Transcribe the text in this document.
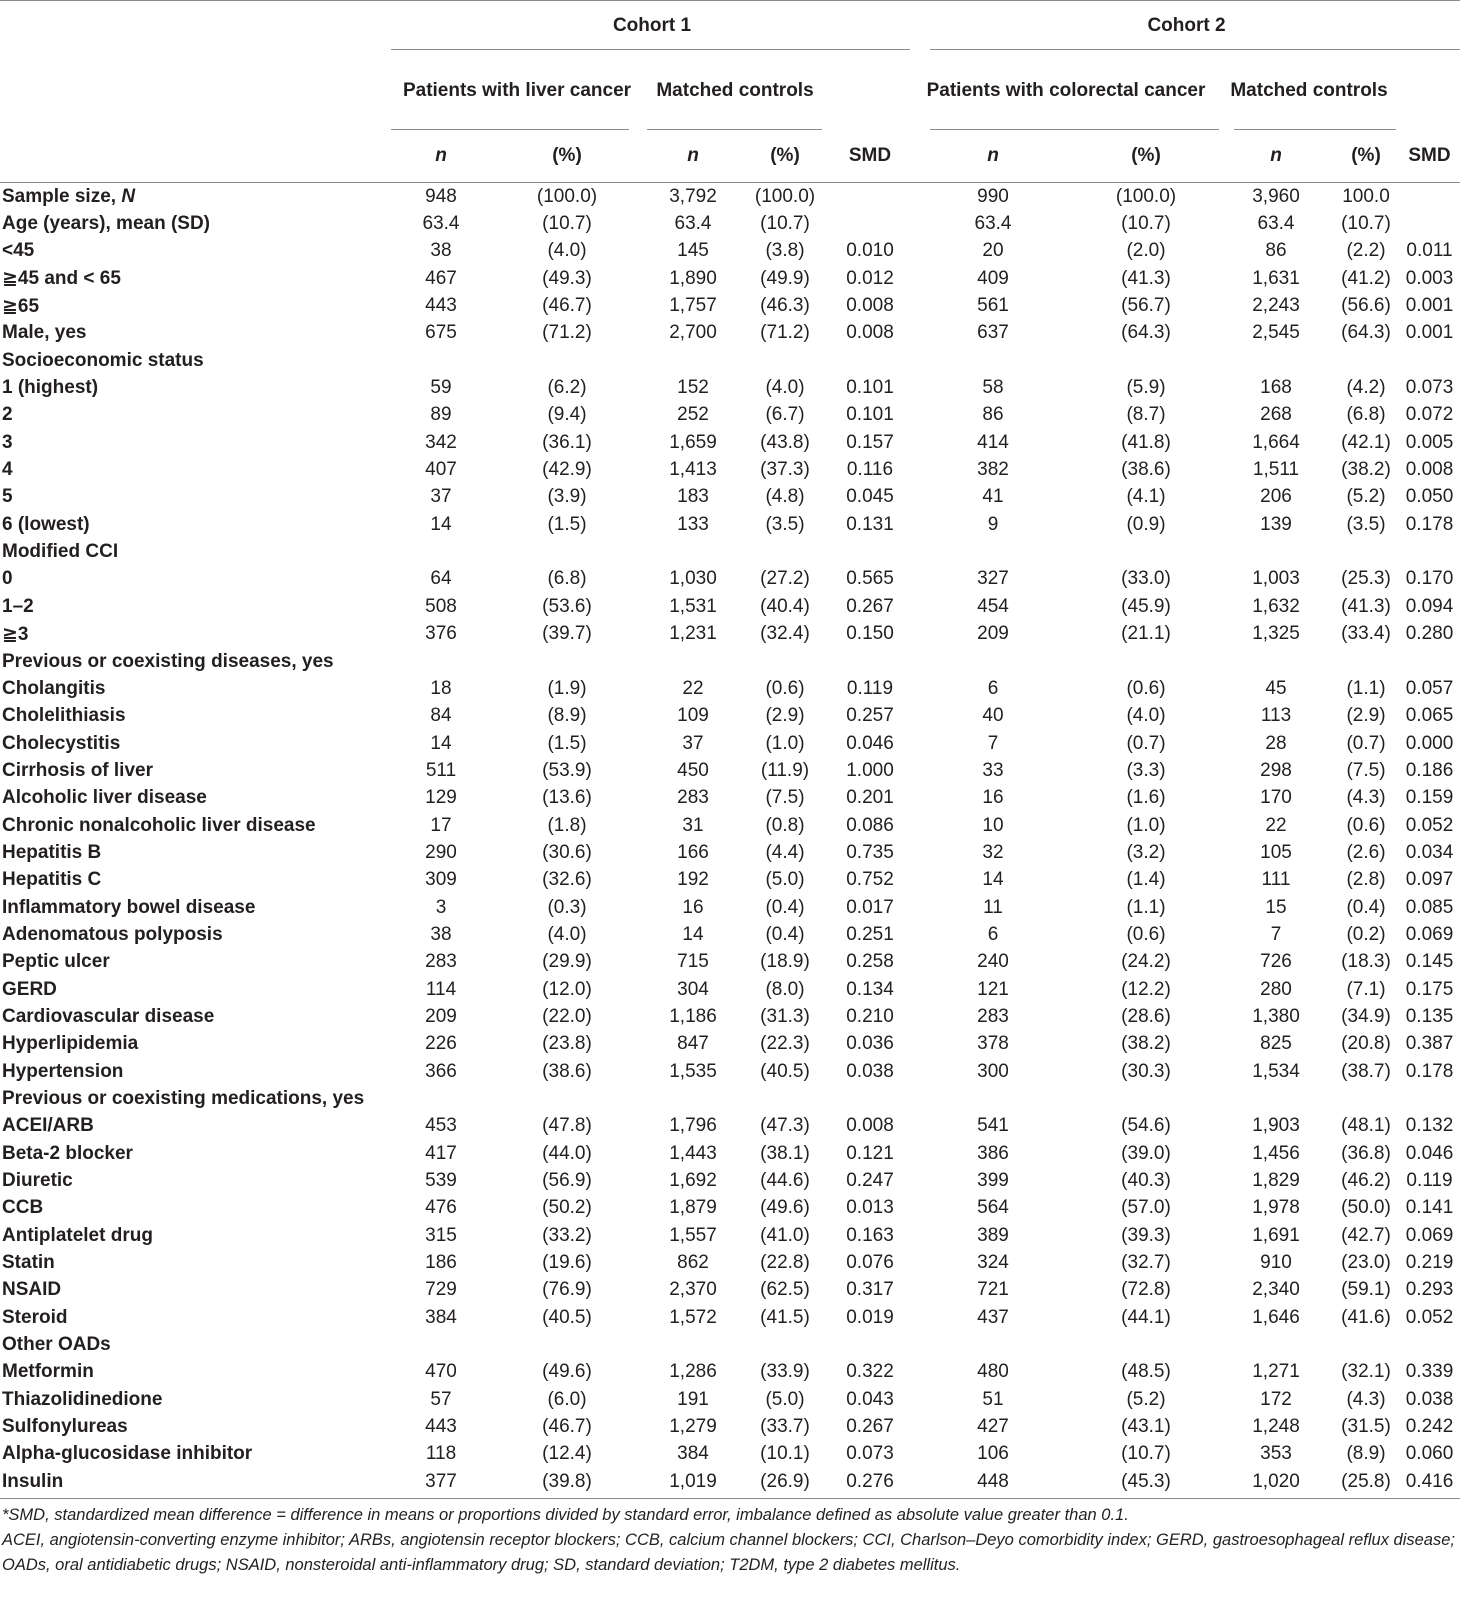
	Cohort 1					Cohort 2				

	Patients with liver cancer		Matched controls			Patients with colorectal cancer		Matched controls	

	n	(%)	n	(%)	SMD	n	(%)	n	(%)	SMD
Sample size, N	948	(100.0)	3,792	(100.0)		990	(100.0)	3,960	100.0	
Age (years), mean (SD)	63.4	(10.7)	63.4	(10.7)		63.4	(10.7)	63.4	(10.7)	
<45	38	(4.0)	145	(3.8)	0.010	20	(2.0)	86	(2.2)	0.011
≧45 and < 65	467	(49.3)	1,890	(49.9)	0.012	409	(41.3)	1,631	(41.2)	0.003
≧65	443	(46.7)	1,757	(46.3)	0.008	561	(56.7)	2,243	(56.6)	0.001
Male, yes	675	(71.2)	2,700	(71.2)	0.008	637	(64.3)	2,545	(64.3)	0.001
Socioeconomic status										
1 (highest)	59	(6.2)	152	(4.0)	0.101	58	(5.9)	168	(4.2)	0.073
2	89	(9.4)	252	(6.7)	0.101	86	(8.7)	268	(6.8)	0.072
3	342	(36.1)	1,659	(43.8)	0.157	414	(41.8)	1,664	(42.1)	0.005
4	407	(42.9)	1,413	(37.3)	0.116	382	(38.6)	1,511	(38.2)	0.008
5	37	(3.9)	183	(4.8)	0.045	41	(4.1)	206	(5.2)	0.050
6 (lowest)	14	(1.5)	133	(3.5)	0.131	9	(0.9)	139	(3.5)	0.178
Modified CCI										
0	64	(6.8)	1,030	(27.2)	0.565	327	(33.0)	1,003	(25.3)	0.170
1–2	508	(53.6)	1,531	(40.4)	0.267	454	(45.9)	1,632	(41.3)	0.094
≧3	376	(39.7)	1,231	(32.4)	0.150	209	(21.1)	1,325	(33.4)	0.280
Previous or coexisting diseases, yes										
Cholangitis	18	(1.9)	22	(0.6)	0.119	6	(0.6)	45	(1.1)	0.057
Cholelithiasis	84	(8.9)	109	(2.9)	0.257	40	(4.0)	113	(2.9)	0.065
Cholecystitis	14	(1.5)	37	(1.0)	0.046	7	(0.7)	28	(0.7)	0.000
Cirrhosis of liver	511	(53.9)	450	(11.9)	1.000	33	(3.3)	298	(7.5)	0.186
Alcoholic liver disease	129	(13.6)	283	(7.5)	0.201	16	(1.6)	170	(4.3)	0.159
Chronic nonalcoholic liver disease	17	(1.8)	31	(0.8)	0.086	10	(1.0)	22	(0.6)	0.052
Hepatitis B	290	(30.6)	166	(4.4)	0.735	32	(3.2)	105	(2.6)	0.034
Hepatitis C	309	(32.6)	192	(5.0)	0.752	14	(1.4)	111	(2.8)	0.097
Inflammatory bowel disease	3	(0.3)	16	(0.4)	0.017	11	(1.1)	15	(0.4)	0.085
Adenomatous polyposis	38	(4.0)	14	(0.4)	0.251	6	(0.6)	7	(0.2)	0.069
Peptic ulcer	283	(29.9)	715	(18.9)	0.258	240	(24.2)	726	(18.3)	0.145
GERD	114	(12.0)	304	(8.0)	0.134	121	(12.2)	280	(7.1)	0.175
Cardiovascular disease	209	(22.0)	1,186	(31.3)	0.210	283	(28.6)	1,380	(34.9)	0.135
Hyperlipidemia	226	(23.8)	847	(22.3)	0.036	378	(38.2)	825	(20.8)	0.387
Hypertension	366	(38.6)	1,535	(40.5)	0.038	300	(30.3)	1,534	(38.7)	0.178
Previous or coexisting medications, yes										
ACEI/ARB	453	(47.8)	1,796	(47.3)	0.008	541	(54.6)	1,903	(48.1)	0.132
Beta-2 blocker	417	(44.0)	1,443	(38.1)	0.121	386	(39.0)	1,456	(36.8)	0.046
Diuretic	539	(56.9)	1,692	(44.6)	0.247	399	(40.3)	1,829	(46.2)	0.119
CCB	476	(50.2)	1,879	(49.6)	0.013	564	(57.0)	1,978	(50.0)	0.141
Antiplatelet drug	315	(33.2)	1,557	(41.0)	0.163	389	(39.3)	1,691	(42.7)	0.069
Statin	186	(19.6)	862	(22.8)	0.076	324	(32.7)	910	(23.0)	0.219
NSAID	729	(76.9)	2,370	(62.5)	0.317	721	(72.8)	2,340	(59.1)	0.293
Steroid	384	(40.5)	1,572	(41.5)	0.019	437	(44.1)	1,646	(41.6)	0.052
Other OADs										
Metformin	470	(49.6)	1,286	(33.9)	0.322	480	(48.5)	1,271	(32.1)	0.339
Thiazolidinedione	57	(6.0)	191	(5.0)	0.043	51	(5.2)	172	(4.3)	0.038
Sulfonylureas	443	(46.7)	1,279	(33.7)	0.267	427	(43.1)	1,248	(31.5)	0.242
Alpha-glucosidase inhibitor	118	(12.4)	384	(10.1)	0.073	106	(10.7)	353	(8.9)	0.060
Insulin	377	(39.8)	1,019	(26.9)	0.276	448	(45.3)	1,020	(25.8)	0.416

*SMD, standardized mean difference = difference in means or proportions divided by standard error, imbalance defined as absolute value greater than 0.1.

ACEI, angiotensin-converting enzyme inhibitor; ARBs, angiotensin receptor blockers; CCB, calcium channel blockers; CCI, Charlson–Deyo comorbidity index; GERD, gastroesophageal reflux disease; OADs, oral antidiabetic drugs; NSAID, nonsteroidal anti-inflammatory drug; SD, standard deviation; T2DM, type 2 diabetes mellitus.
